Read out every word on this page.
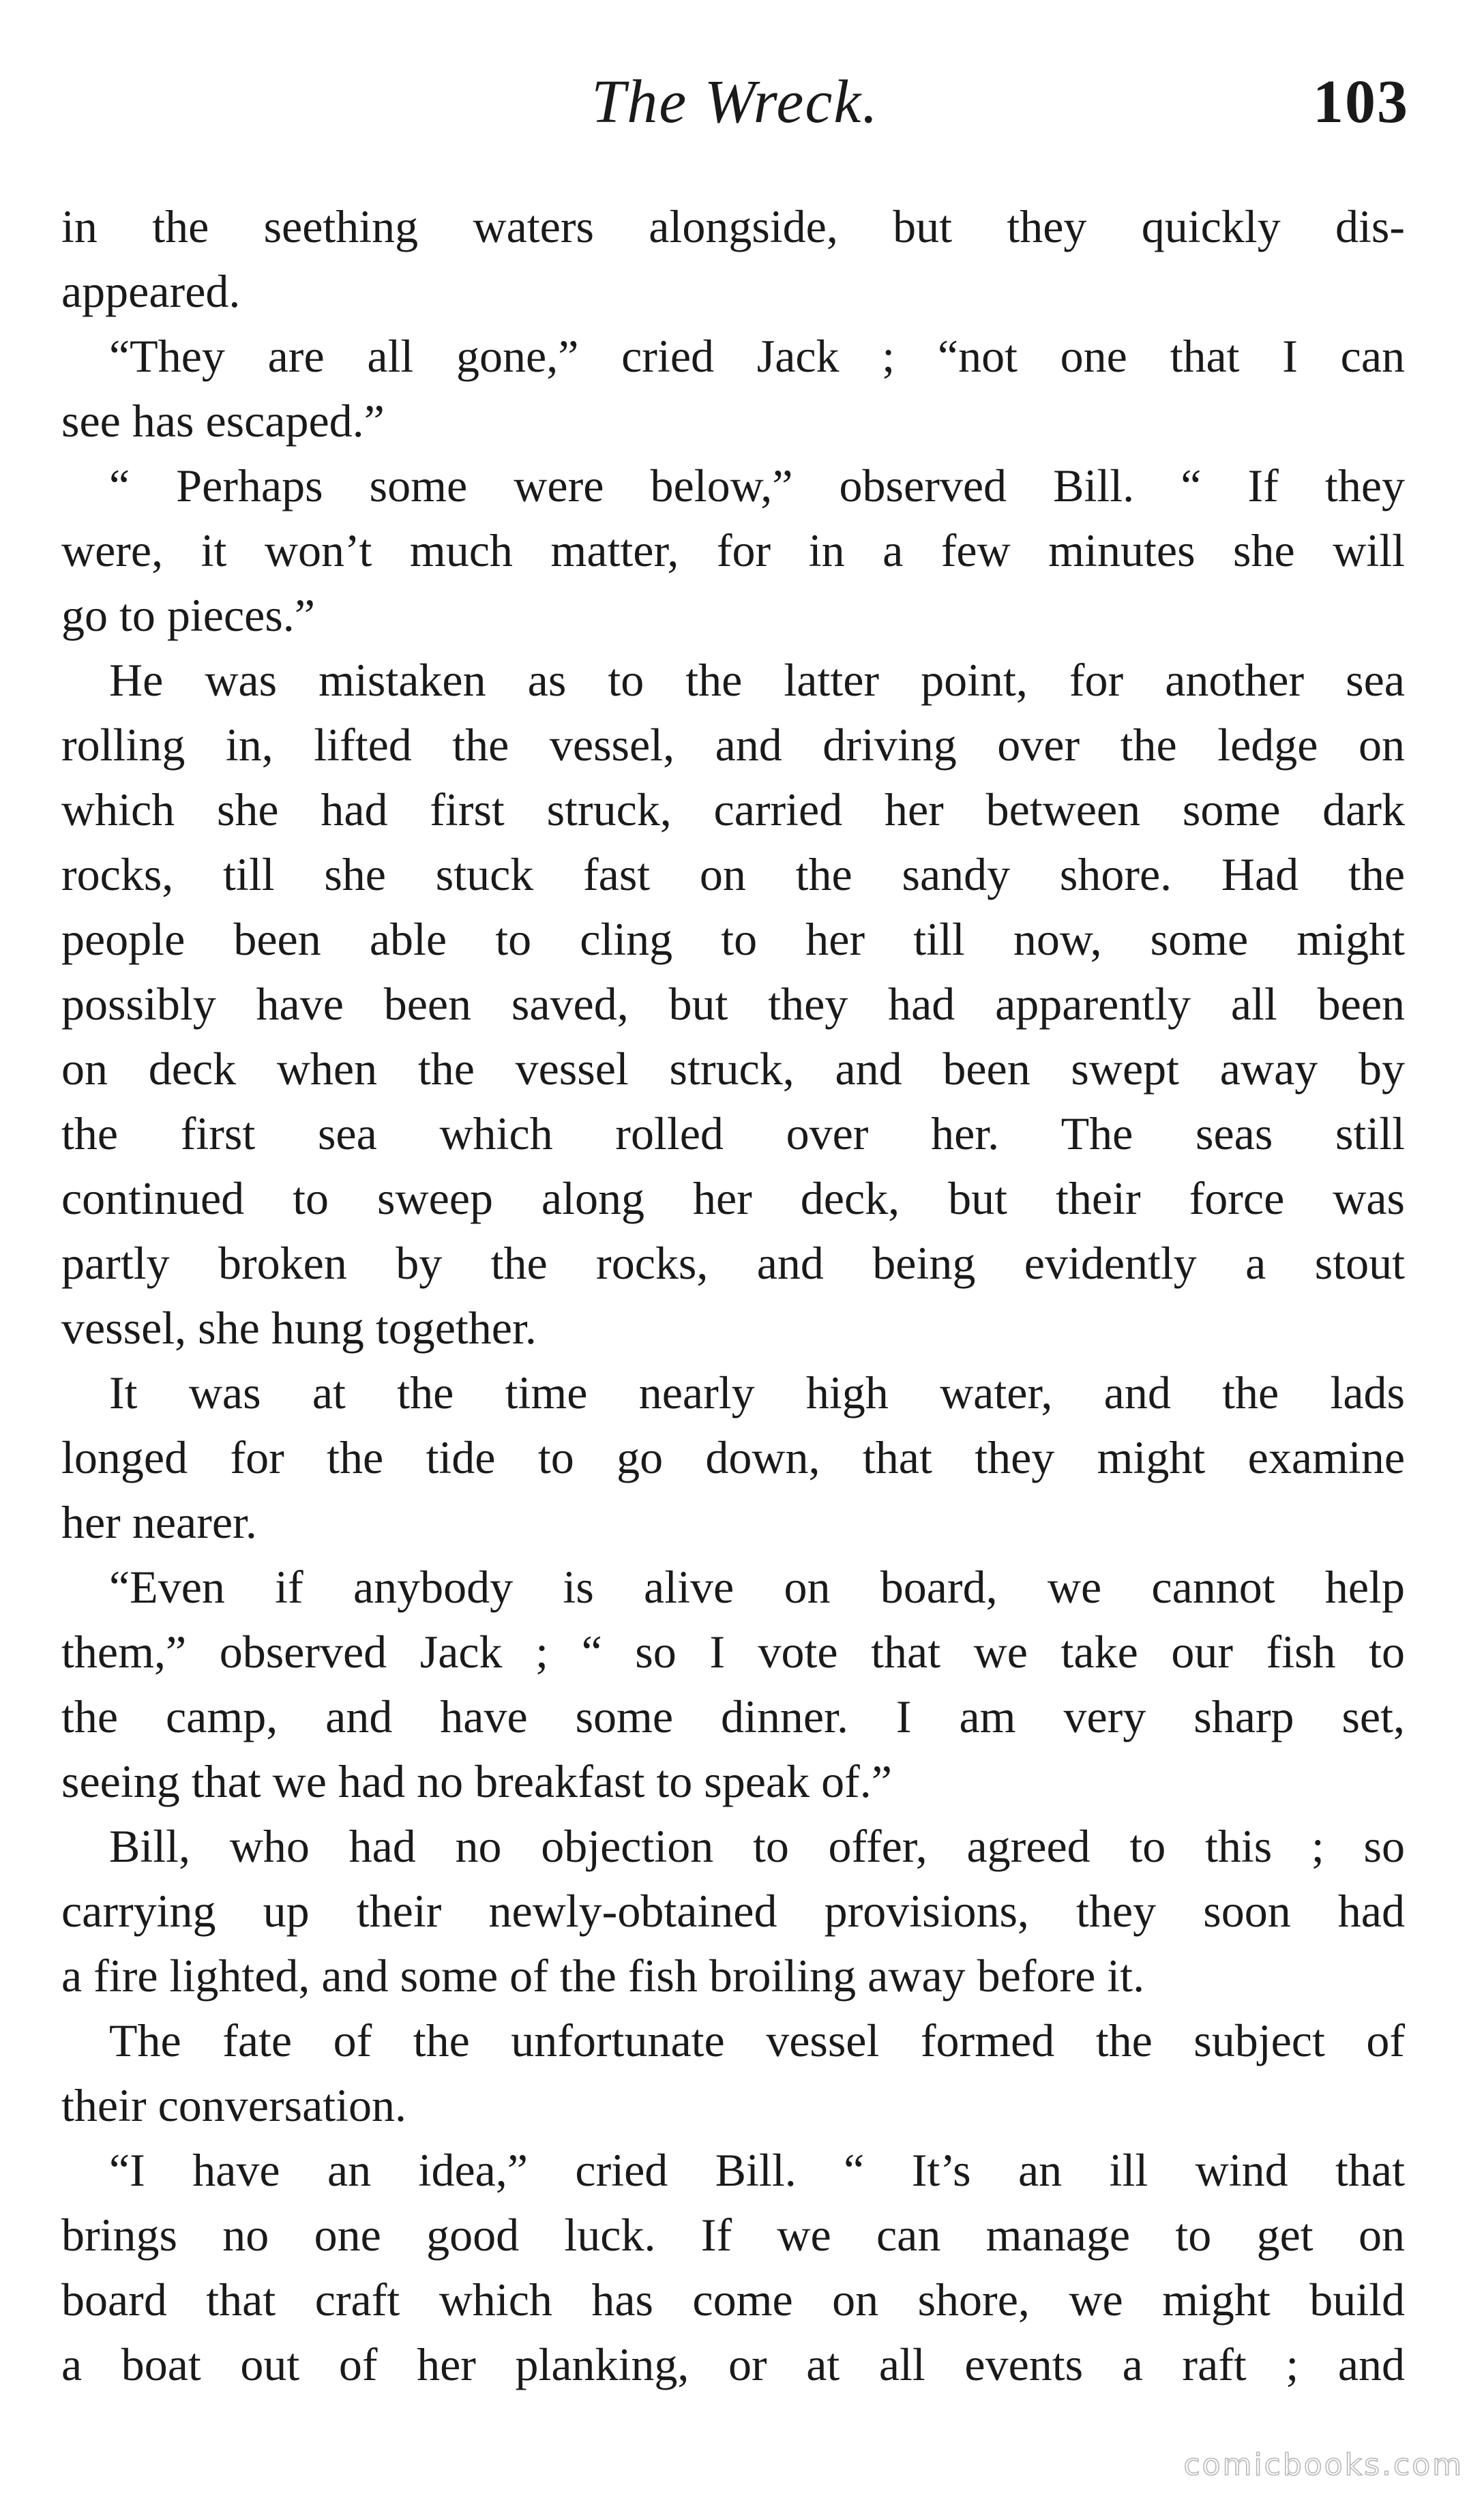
The Wreck.	103
in the seething waters alongside, but they quickly dis-
appeared.
“They are all gone,” cried Jack ; “not one that I can
see has escaped.”
“ Perhaps some were below,” observed Bill. “ If they
were, it won’t much matter, for in a few minutes she will
go to pieces.”
He was mistaken as to the latter point, for another sea
rolling in, lifted the vessel, and driving over the ledge on
which she had first struck, carried her between some dark
rocks, till she stuck fast on the sandy shore. Had the
people been able to cling to her till now, some might
possibly have been saved, but they had apparently all been
on deck when the vessel struck, and been swept away by
the first sea which rolled over her. The seas still
continued to sweep along her deck, but their force was
partly broken by the rocks, and being evidently a stout
vessel, she hung together.
It was at the time nearly high water, and the lads
longed for the tide to go down, that they might examine
her nearer.
“Even if anybody is alive on board, we cannot help
them,” observed Jack ; “ so I vote that we take our fish to
the camp, and have some dinner. I am very sharp set,
seeing that we had no breakfast to speak of.”
Bill, who had no objection to offer, agreed to this ; so
carrying up their newly-obtained provisions, they soon had
a fire lighted, and some of the fish broiling away before it.
The fate of the unfortunate vessel formed the subject of
their conversation.
“I have an idea,” cried Bill. “ It’s an ill wind that
brings no one good luck. If we can manage to get on
board that craft which has come on shore, we might build
a boat out of her planking, or at all events a raft ; and
comicbooks.com
